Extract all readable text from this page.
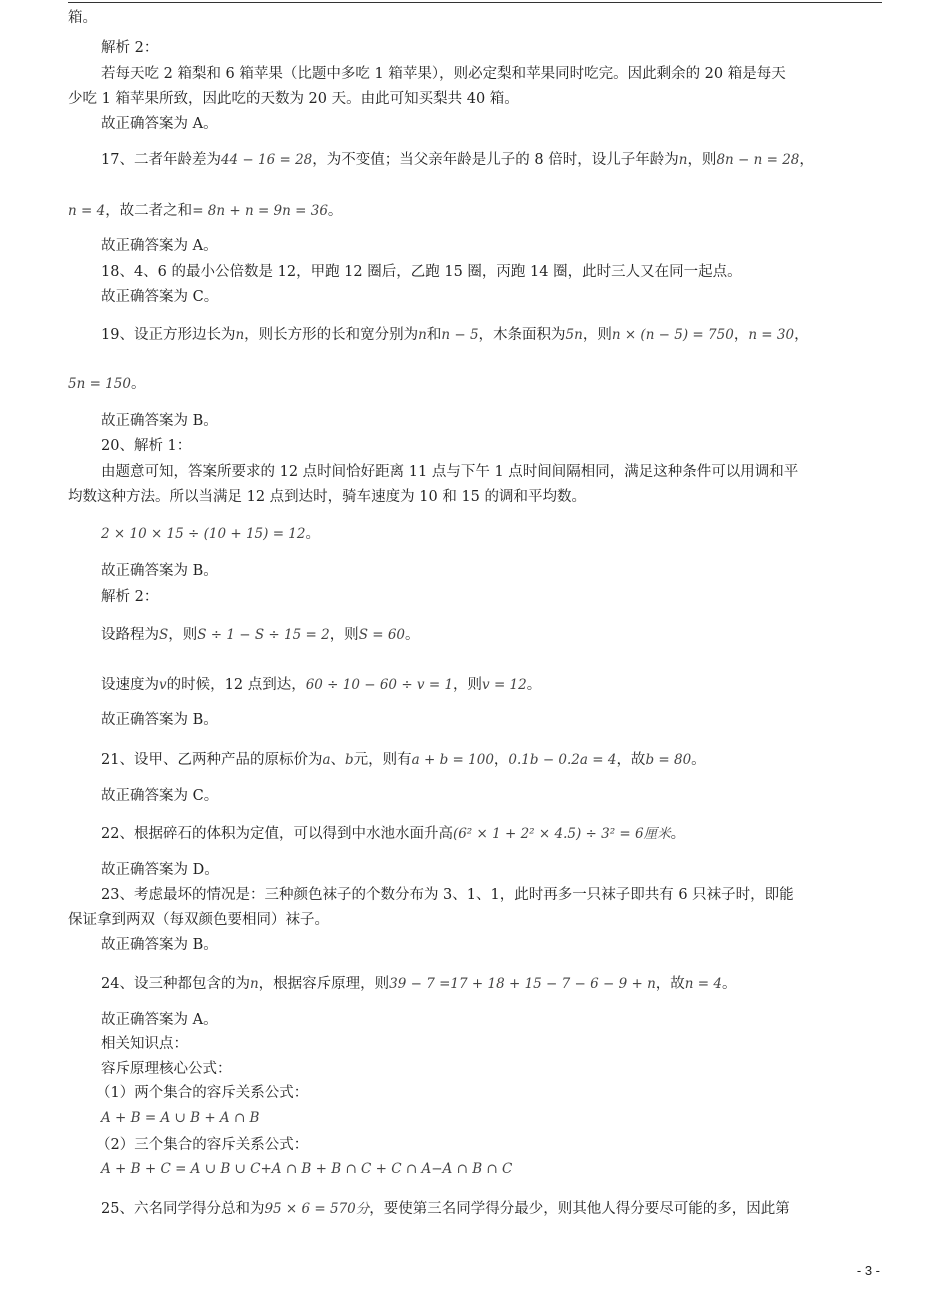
箱。
解析 2：
若每天吃 2 箱梨和 6 箱苹果（比题中多吃 1 箱苹果），则必定梨和苹果同时吃完。因此剩余的 20 箱是每天
少吃 1 箱苹果所致，因此吃的天数为 20 天。由此可知买梨共 40 箱。
故正确答案为 A。
故正确答案为 A。
18、4、6 的最小公倍数是 12，甲跑 12 圈后，乙跑 15 圈，丙跑 14 圈，此时三人又在同一起点。
故正确答案为 C。
故正确答案为 B。
20、解析 1：
由题意可知，答案所要求的 12 点时间恰好距离 11 点与下午 1 点时间间隔相同，满足这种条件可以用调和平
均数这种方法。所以当满足 12 点到达时，骑车速度为 10 和 15 的调和平均数。
故正确答案为 B。
解析 2：
故正确答案为 B。
故正确答案为 C。
故正确答案为 D。
23、考虑最坏的情况是：三种颜色袜子的个数分布为 3、1、1，此时再多一只袜子即共有 6 只袜子时，即能
保证拿到两双（每双颜色要相同）袜子。
故正确答案为 B。
故正确答案为 A。
相关知识点：
容斥原理核心公式：
（1）两个集合的容斥关系公式：
（2）三个集合的容斥关系公式：
17、二者年龄差为44 − 16 = 28，为不变值；当父亲年龄是儿子的 8 倍时，设儿子年龄为n，则8n − n = 28，
n = 4，故二者之和= 8n + n = 9n = 36。
19、设正方形边长为n，则长方形的长和宽分别为n和n − 5，木条面积为5n，则n × (n − 5) = 750，n = 30，
5n = 150。
2 × 10 × 15 ÷ (10 + 15) = 12。
设路程为S，则S ÷ 1 − S ÷ 15 = 2，则S = 60。
设速度为v的时候，12 点到达，60 ÷ 10 − 60 ÷ v = 1，则v = 12。
21、设甲、乙两种产品的原标价为a、b元，则有a + b = 100，0.1b − 0.2a = 4，故b = 80。
22、根据碎石的体积为定值，可以得到中水池水面升高(6² × 1 + 2² × 4.5) ÷ 3² = 6厘米。
24、设三种都包含的为n，根据容斥原理，则39 − 7 =17 + 18 + 15 − 7 − 6 − 9 + n，故n = 4。
A + B = A ∪ B + A ∩ B
A + B + C = A ∪ B ∪ C+A ∩ B + B ∩ C + C ∩ A−A ∩ B ∩ C
25、六名同学得分总和为95 × 6 = 570分，要使第三名同学得分最少，则其他人得分要尽可能的多，因此第
- 3 -
